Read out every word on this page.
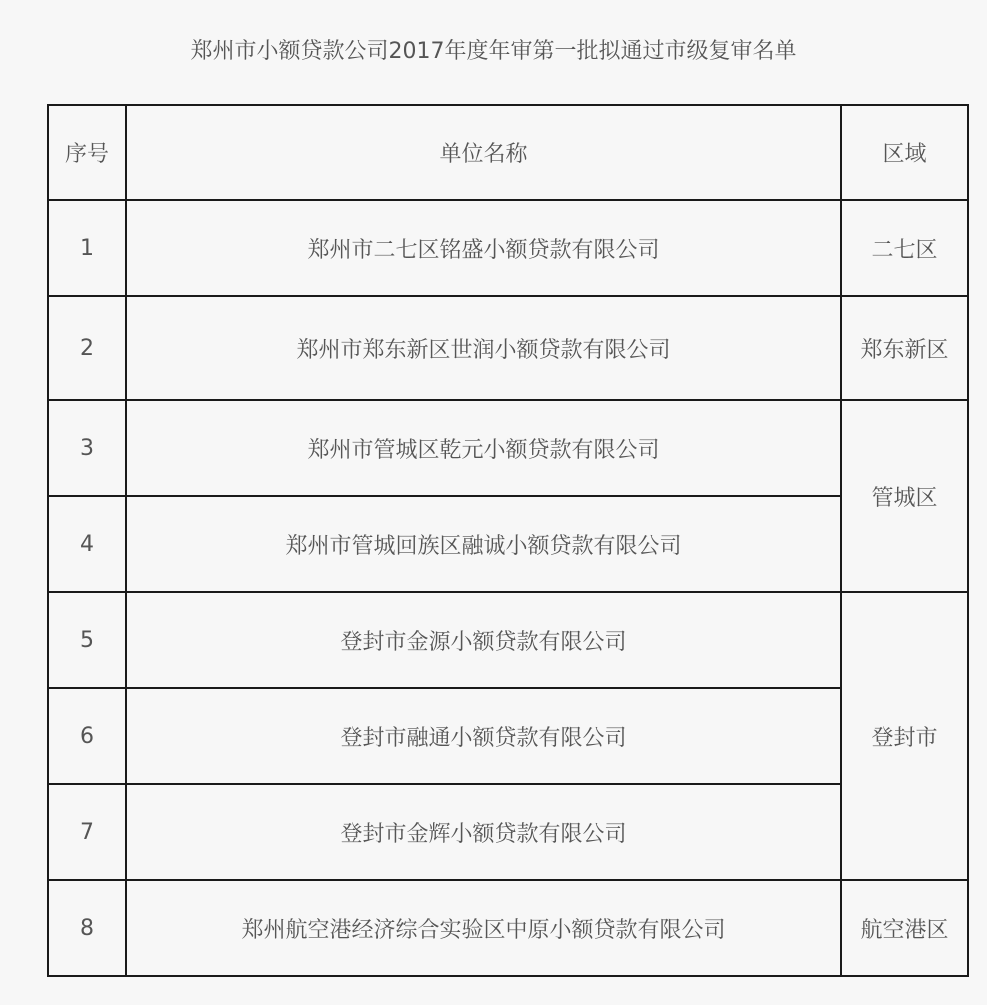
郑州市小额贷款公司2017年度年审第一批拟通过市级复审名单
序号	单位名称	区域
1	郑州市二七区铭盛小额贷款有限公司	二七区
2	郑州市郑东新区世润小额贷款有限公司	郑东新区
3	郑州市管城区乾元小额贷款有限公司	管城区
4	郑州市管城回族区融诚小额贷款有限公司	
5	登封市金源小额贷款有限公司	登封市
6	登封市融通小额贷款有限公司	
7	登封市金辉小额贷款有限公司	
8	郑州航空港经济综合实验区中原小额贷款有限公司	航空港区
